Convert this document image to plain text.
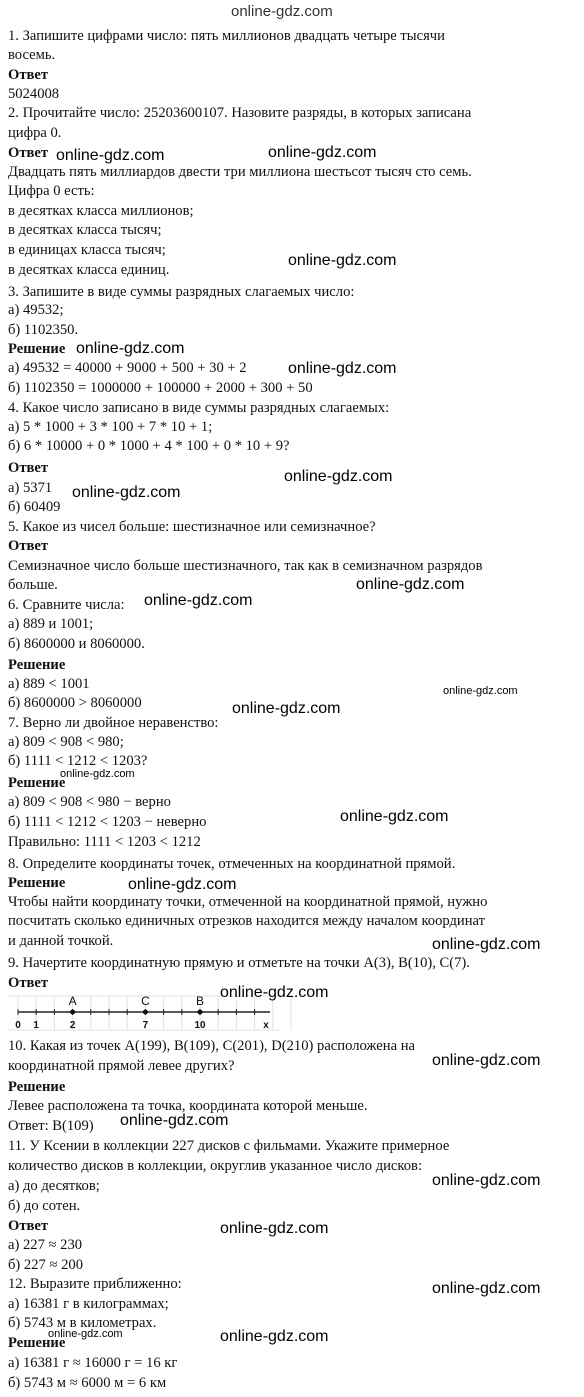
1. Запишите цифрами число: пять миллионов двадцать четыре тысячи
восемь.
Ответ
5024008
2. Прочитайте число: 25203600107. Назовите разряды, в которых записана
цифра 0.
Ответ
Двадцать пять миллиардов двести три миллиона шестьсот тысяч сто семь.
Цифра 0 есть:
в десятках класса миллионов;
в десятках класса тысяч;
в единицах класса тысяч;
в десятках класса единиц.
3. Запишите в виде суммы разрядных слагаемых число:
а) 49532;
б) 1102350.
Решение
а) 49532 = 40000 + 9000 + 500 + 30 + 2
б) 1102350 = 1000000 + 100000 + 2000 + 300 + 50
4. Какое число записано в виде суммы разрядных слагаемых:
а) 5 * 1000 + 3 * 100 + 7 * 10 + 1;
б) 6 * 10000 + 0 * 1000 + 4 * 100 + 0 * 10 + 9?
Ответ
а) 5371
б) 60409
5. Какое из чисел больше: шестизначное или семизначное?
Ответ
Семизначное число больше шестизначного, так как в семизначном разрядов
больше.
6. Сравните числа:
а) 889 и 1001;
б) 8600000 и 8060000.
Решение
а) 889 < 1001
б) 8600000 > 8060000
7. Верно ли двойное неравенство:
а) 809 < 908 < 980;
б) 1111 < 1212 < 1203?
Решение
а) 809 < 908 < 980 − верно
б) 1111 < 1212 < 1203 − неверно
Правильно: 1111 < 1203 < 1212
8. Определите координаты точек, отмеченных на координатной прямой.
Решение
Чтобы найти координату точки, отмеченной на координатной прямой, нужно
посчитать сколько единичных отрезков находится между началом координат
и данной точкой.
9. Начертите координатную прямую и отметьте на точки А(3), В(10), С(7).
Ответ
10. Какая из точек А(199), В(109), С(201), D(210) расположена на
координатной прямой левее других?
Решение
Левее расположена та точка, координата которой меньше.
Ответ: В(109)
11. У Ксении в коллекции 227 дисков с фильмами. Укажите примерное
количество дисков в коллекции, округлив указанное число дисков:
а) до десятков;
б) до сотен.
Ответ
а) 227 ≈ 230
б) 227 ≈ 200
12. Выразите приближенно:
а) 16381 г в килограммах;
б) 5743 м в километрах.
Решение
а) 16381 г ≈ 16000 г = 16 кг
б) 5743 м ≈ 6000 м = 6 км
0 1	2	7	10	x
A	C	B
online-gdz.com
online-gdz.com	online-gdz.com
online-gdz.com
online-gdz.com
online-gdz.com
online-gdz.com
online-gdz.com
online-gdz.com
online-gdz.com
online-gdz.com
online-gdz.com
online-gdz.com
online-gdz.com
online-gdz.com
online-gdz.com
online-gdz.com
online-gdz.com
online-gdz.com
online-gdz.com
online-gdz.com
online-gdz.com
online-gdz.com	online-gdz.com
